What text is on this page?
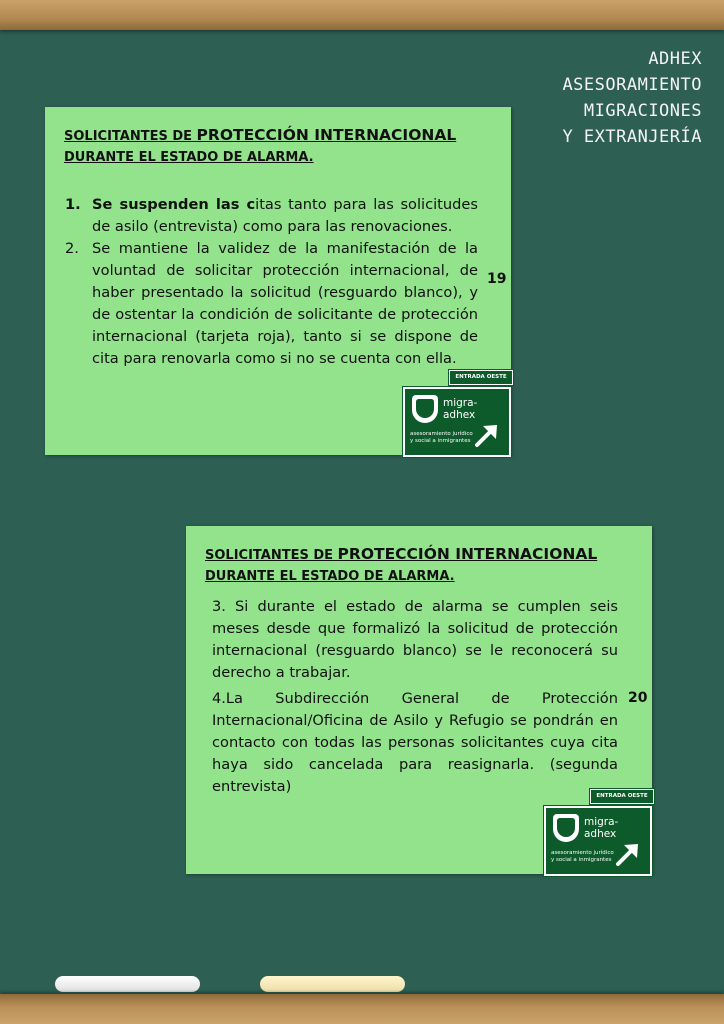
ADHEX
ASESORAMIENTO
MIGRACIONES
Y EXTRANJERÍA
SOLICITANTES DE PROTECCIÓN INTERNACIONAL
DURANTE EL ESTADO DE ALARMA.
1. Se suspenden las citas tanto para las solicitudes de asilo (entrevista) como para las renovaciones.
2. Se mantiene la validez de la manifestación de la voluntad de solicitar protección internacional, de haber presentado la solicitud (resguardo blanco), y de ostentar la condición de solicitante de protección internacional (tarjeta roja), tanto si se dispone de cita para renovarla como si no se cuenta con ella.
19
ENTRADA OESTE
migra-adhex
asesoramiento jurídico
y social a inmigrantes
SOLICITANTES DE PROTECCIÓN INTERNACIONAL
DURANTE EL ESTADO DE ALARMA.
3. Si durante el estado de alarma se cumplen seis meses desde que formalizó la solicitud de protección internacional (resguardo blanco) se le reconocerá su derecho a trabajar.
4.La Subdirección General de Protección Internacional/Oficina de Asilo y Refugio se pondrán en contacto con todas las personas solicitantes cuya cita haya sido cancelada para reasignarla. (segunda entrevista)
20
ENTRADA OESTE
migra-adhex
asesoramiento jurídico
y social a inmigrantes
